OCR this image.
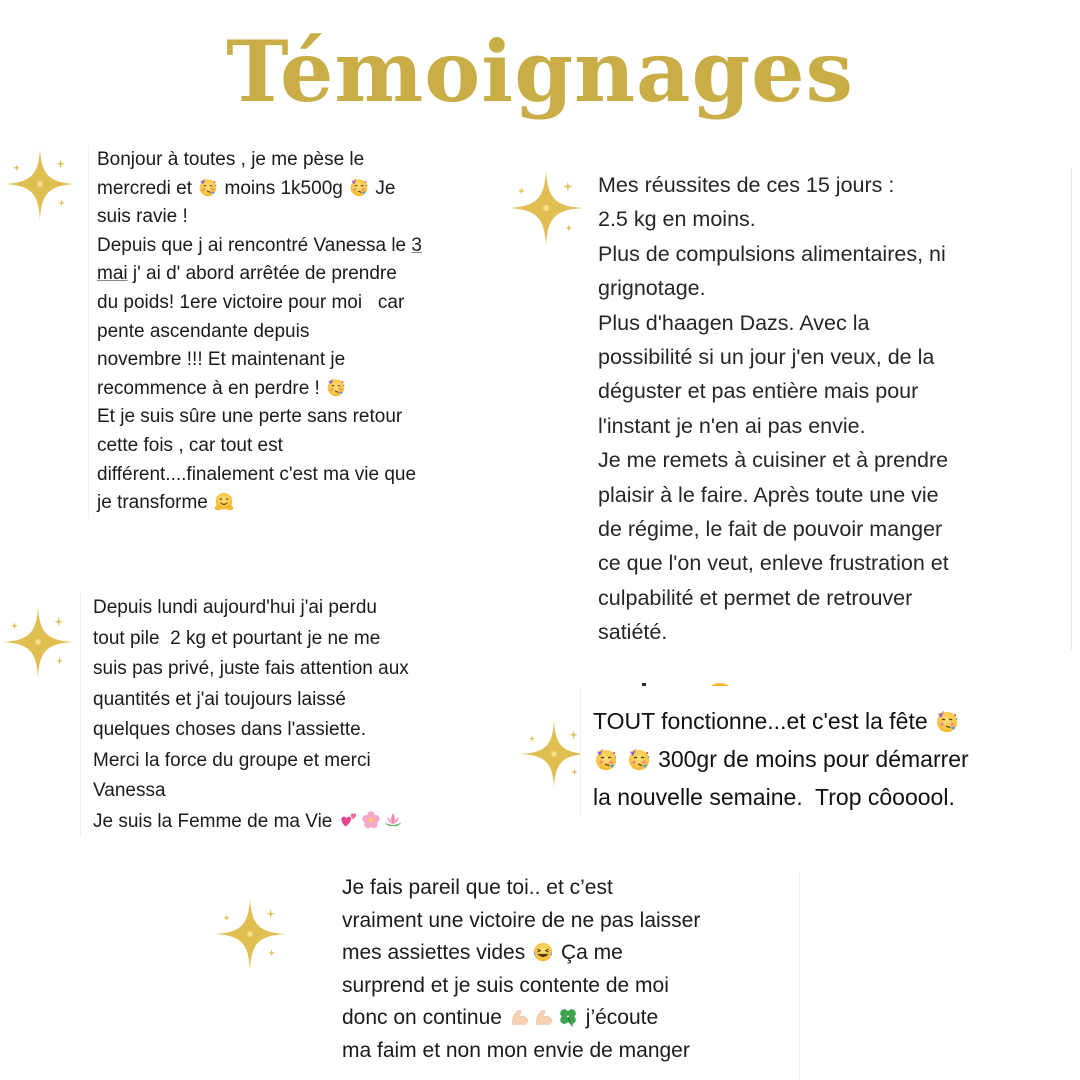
Témoignages
Bonjour à toutes , je me pèse le
mercredi et moins 1k500g Je
suis ravie !
Depuis que j ai rencontré Vanessa le 3
mai j' ai d' abord arrêtée de prendre
du poids! 1ere victoire pour moi   car
pente ascendante depuis
novembre !!! Et maintenant je
recommence à en perdre !
Et je suis sûre une perte sans retour
cette fois , car tout est
différent....finalement c'est ma vie que
je transforme
Mes réussites de ces 15 jours :
2.5 kg en moins.
Plus de compulsions alimentaires, ni
grignotage.
Plus d'haagen Dazs. Avec la
possibilité si un jour j'en veux, de la
déguster et pas entière mais pour
l'instant je n'en ai pas envie.
Je me remets à cuisiner et à prendre
plaisir à le faire. Après toute une vie
de régime, le fait de pouvoir manger
ce que l'on veut, enleve frustration et
culpabilité et permet de retrouver
satiété.
Depuis lundi aujourd'hui j'ai perdu
tout pile  2 kg et pourtant je ne me
suis pas privé, juste fais attention aux
quantités et j'ai toujours laissé
quelques choses dans l'assiette.
Merci la force du groupe et merci
Vanessa
Je suis la Femme de ma Vie
TOUT fonctionne...et c'est la fête
300gr de moins pour démarrer
la nouvelle semaine.  Trop côooool.
Je fais pareil que toi.. et c’est
vraiment une victoire de ne pas laisser
mes assiettes vides Ça me
surprend et je suis contente de moi
donc on continue	j’écoute
ma faim et non mon envie de manger
